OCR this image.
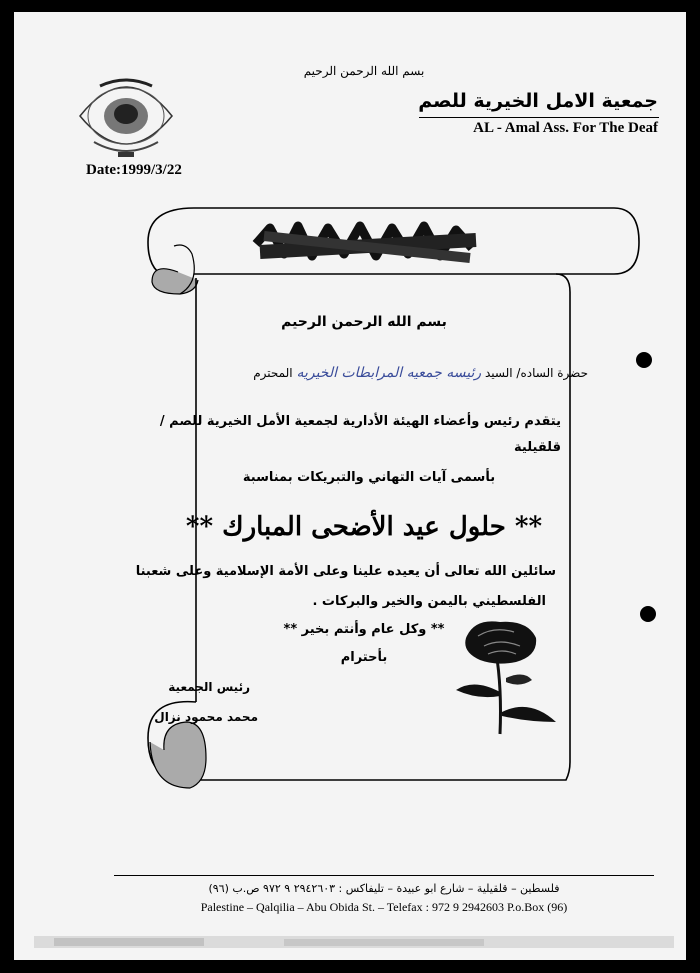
بسم الله الرحمن الرحيم
جمعية الامل الخيرية للصم
AL - Amal Ass. For The Deaf
Date:1999/3/22
بسم الله الرحمن الرحيم
حضرة الساده/ السيد رئيسه جمعيه المرابطات الخيريه المحترم
يتقدم رئيس وأعضاء الهيئة الأدارية لجمعية الأمل الخيرية للصم /
قلقيلية
بأسمى آيات التهاني والتبريكات بمناسبة
** حلول عيد الأضحى المبارك **
سائلين الله تعالى أن يعيده علينا وعلى الأمة الإسلامية وعلى شعبنا
الفلسطيني باليمن والخير والبركات .
** وكل عام وأنتم بخير **
بأحترام
رئيس الجمعية
محمد محمود نزال
فلسطين – قلقيلية – شارع ابو عبيدة – تليفاكس : ٢٩٤٢٦٠٣ ٩ ٩٧٢ ص.ب (٩٦)
Palestine – Qalqilia – Abu Obida St. – Telefax : 972 9 2942603 P.o.Box (96)
